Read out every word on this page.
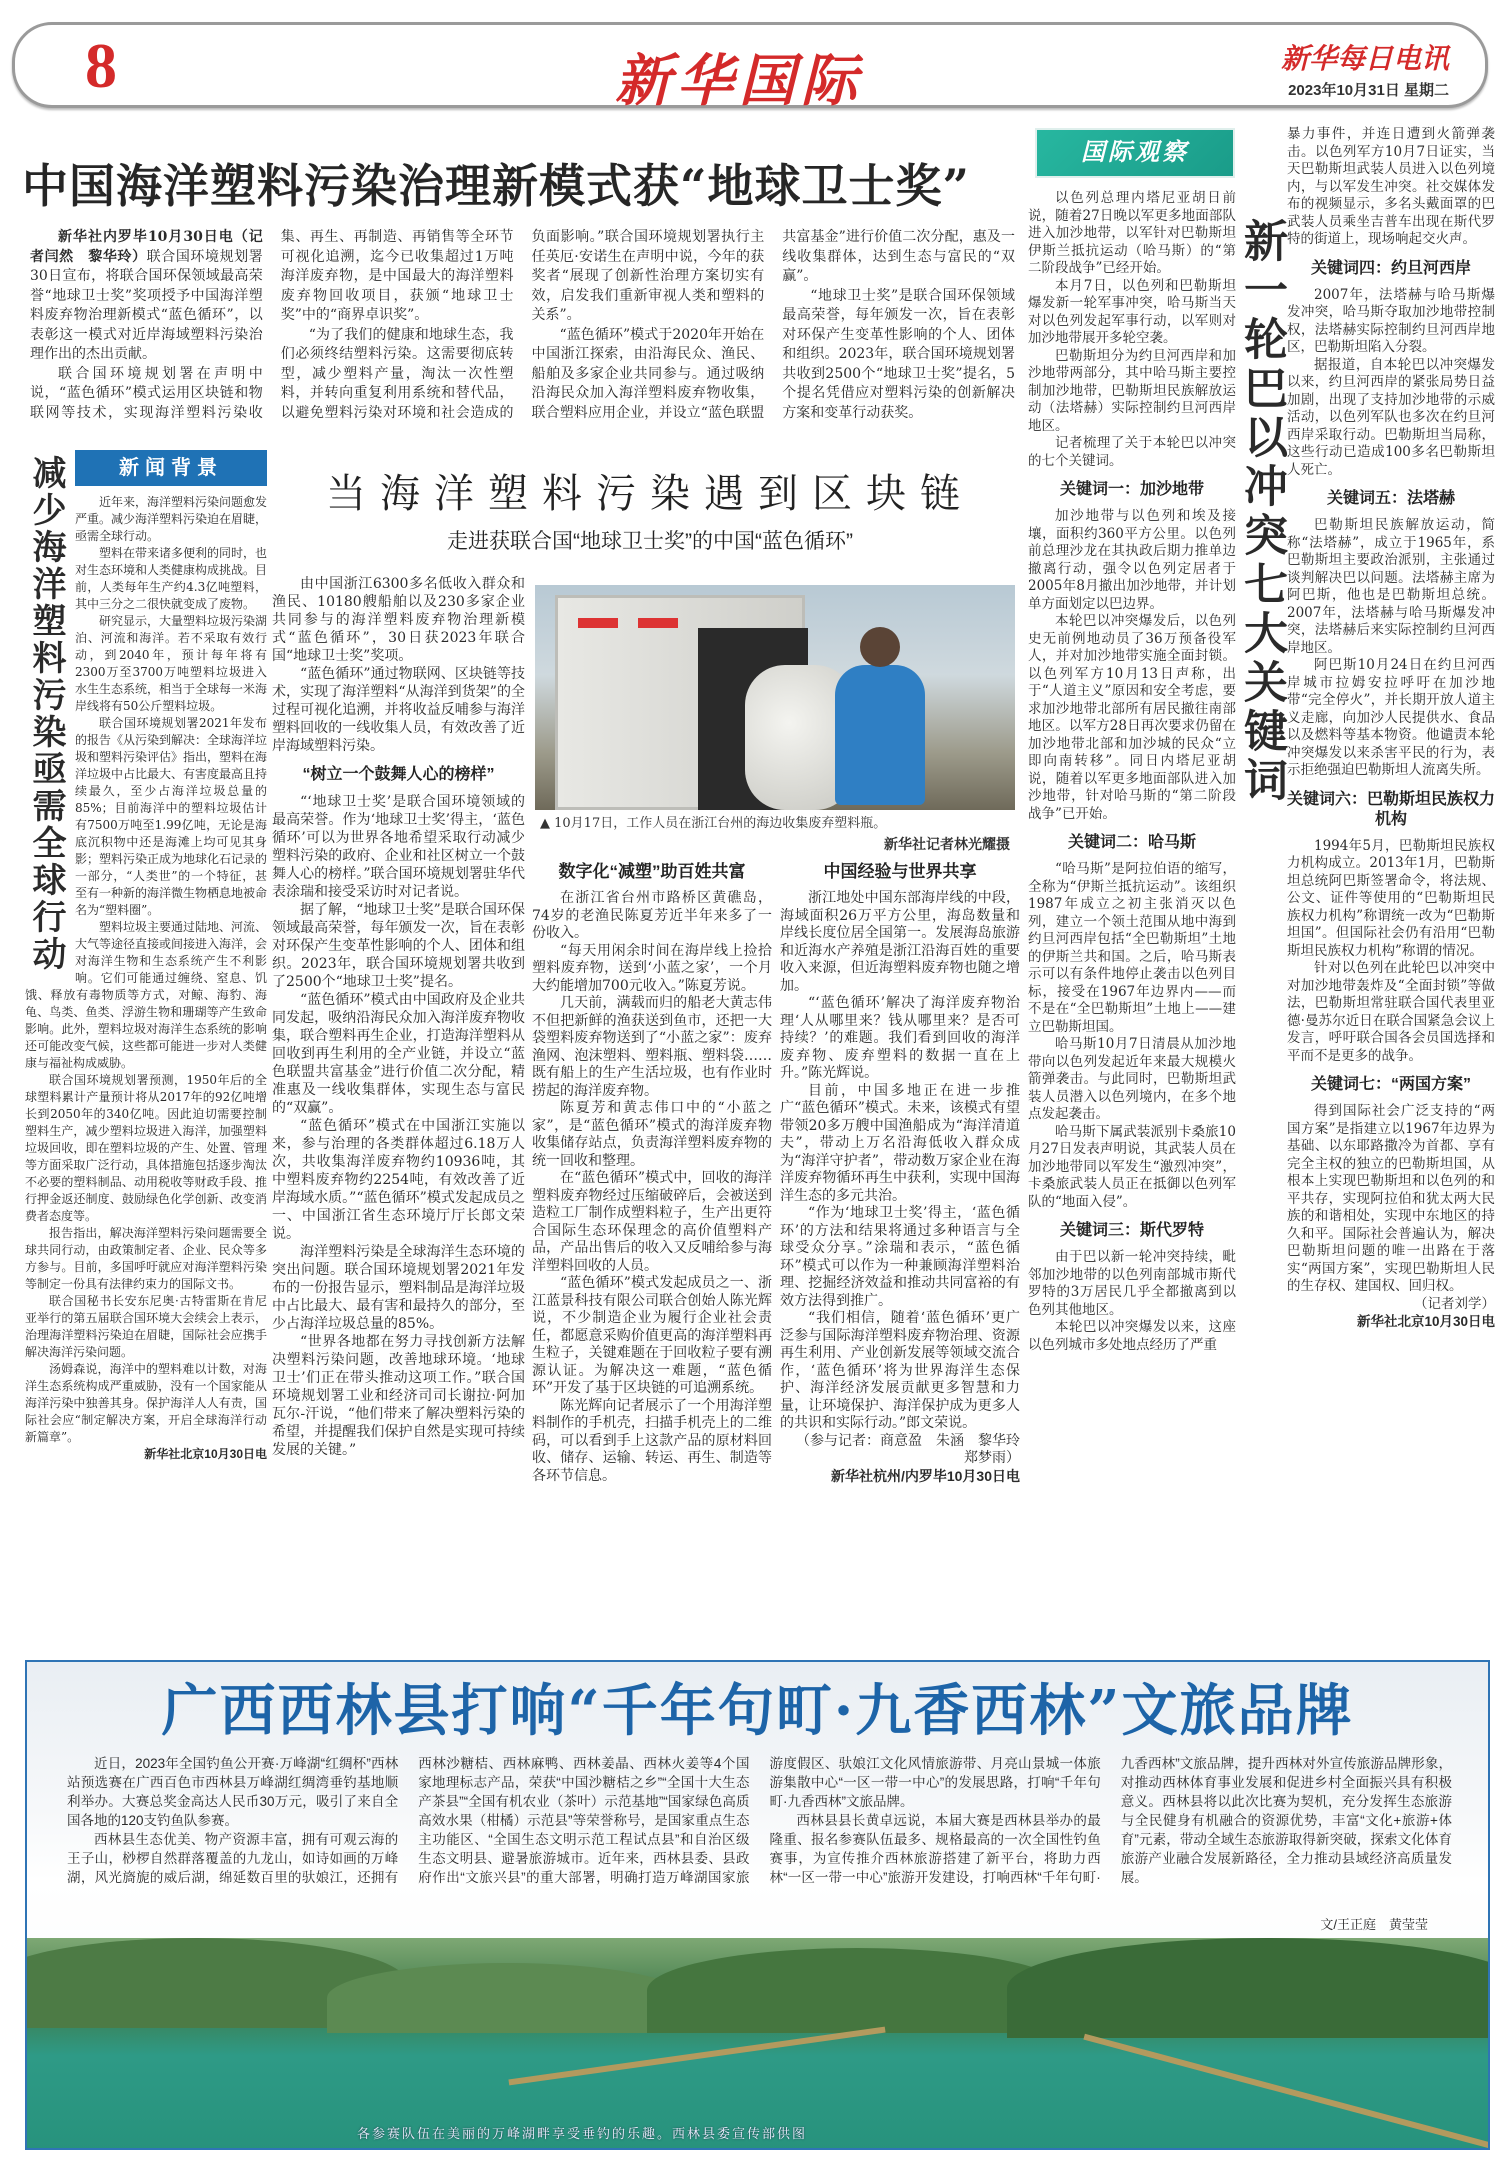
8	新华国际	新华每日电讯
2023年10月31日 星期二
中国海洋塑料污染治理新模式获“地球卫士奖”

新华社内罗毕10月30日电（记者闫然　黎华玲）联合国环境规划署30日宣布，将联合国环保领域最高荣誉“地球卫士奖”奖项授予中国海洋塑料废弃物治理新模式“蓝色循环”，以表彰这一模式对近岸海域塑料污染治理作出的杰出贡献。

联合国环境规划署在声明中说，“蓝色循环”模式运用区块链和物联网等技术，实现海洋塑料污染收集、再生、再制造、再销售等全环节可视化追溯，迄今已收集超过1万吨海洋废弃物，是中国最大的海洋塑料废弃物回收项目，获颁“地球卫士奖”中的“商界卓识奖”。

“为了我们的健康和地球生态，我们必须终结塑料污染。这需要彻底转型，减少塑料产量，淘汰一次性塑料，并转向重复利用系统和替代品，以避免塑料污染对环境和社会造成的负面影响。”联合国环境规划署执行主任英厄·安诺生在声明中说，今年的获奖者“展现了创新性治理方案切实有效，启发我们重新审视人类和塑料的关系”。

“蓝色循环”模式于2020年开始在中国浙江探索，由沿海民众、渔民、船舶及多家企业共同参与。通过吸纳沿海民众加入海洋塑料废弃物收集，联合塑料应用企业，并设立“蓝色联盟共富基金”进行价值二次分配，惠及一线收集群体，达到生态与富民的“双赢”。

“地球卫士奖”是联合国环保领域最高荣誉，每年颁发一次，旨在表彰对环保产生变革性影响的个人、团体和组织。2023年，联合国环境规划署共收到2500个“地球卫士奖”提名，5个提名凭借应对塑料污染的创新解决方案和变革行动获奖。

减少海洋塑料污染亟需全球行动	新闻背景

近年来，海洋塑料污染问题愈发严重。减少海洋塑料污染迫在眉睫，亟需全球行动。

塑料在带来诸多便利的同时，也对生态环境和人类健康构成挑战。目前，人类每年生产约4.3亿吨塑料，其中三分之二很快就变成了废物。

研究显示，大量塑料垃圾污染湖泊、河流和海洋。若不采取有效行动，到2040年，预计每年将有2300万至3700万吨塑料垃圾进入水生生态系统，相当于全球每一米海岸线将有50公斤塑料垃圾。

联合国环境规划署2021年发布的报告《从污染到解决：全球海洋垃圾和塑料污染评估》指出，塑料在海洋垃圾中占比最大、有害度最高且持续最久，至少占海洋垃圾总量的85%；目前海洋中的塑料垃圾估计有7500万吨至1.99亿吨，无论是海底沉积物中还是海滩上均可见其身影；塑料污染正成为地球化石记录的一部分，“人类世”的一个特征，甚至有一种新的海洋微生物栖息地被命名为“塑料圈”。

塑料垃圾主要通过陆地、河流、大气等途径直接或间接进入海洋，会对海洋生物和生态系统产生不利影响。它们可能通过缠绕、窒息、饥饿、释放有毒物质等方式，对鲸、海豹、海龟、鸟类、鱼类、浮游生物和珊瑚等产生致命影响。此外，塑料垃圾对海洋生态系统的影响还可能改变气候，这些都可能进一步对人类健康与福祉构成威胁。

联合国环境规划署预测，1950年后的全球塑料累计产量预计将从2017年的92亿吨增长到2050年的340亿吨。因此迫切需要控制塑料生产，减少塑料垃圾进入海洋，加强塑料垃圾回收，即在塑料垃圾的产生、处置、管理等方面采取广泛行动，具体措施包括逐步淘汰不必要的塑料制品、动用税收等财政手段、推行押金返还制度、鼓励绿色化学创新、改变消费者态度等。

报告指出，解决海洋塑料污染问题需要全球共同行动，由政策制定者、企业、民众等多方参与。目前，多国呼吁就应对海洋塑料污染等制定一份具有法律约束力的国际文书。

联合国秘书长安东尼奥·古特雷斯在肯尼亚举行的第五届联合国环境大会续会上表示，治理海洋塑料污染迫在眉睫，国际社会应携手解决海洋污染问题。

汤姆森说，海洋中的塑料难以计数，对海洋生态系统构成严重威胁，没有一个国家能从海洋污染中独善其身。保护海洋人人有责，国际社会应“制定解决方案，开启全球海洋行动新篇章”。

新华社北京10月30日电

当海洋塑料污染遇到区块链
走进获联合国“地球卫士奖”的中国“蓝色循环”

由中国浙江6300多名低收入群众和渔民、10180艘船舶以及230多家企业共同参与的海洋塑料废弃物治理新模式“蓝色循环”，30日获2023年联合国“地球卫士奖”奖项。

“蓝色循环”通过物联网、区块链等技术，实现了海洋塑料“从海洋到货架”的全过程可视化追溯，并将收益反哺参与海洋塑料回收的一线收集人员，有效改善了近岸海域塑料污染。

“树立一个鼓舞人心的榜样”

“‘地球卫士奖’是联合国环境领域的最高荣誉。作为‘地球卫士奖’得主，‘蓝色循环’可以为世界各地希望采取行动减少塑料污染的政府、企业和社区树立一个鼓舞人心的榜样。”联合国环境规划署驻华代表涂瑞和接受采访时对记者说。

据了解，“地球卫士奖”是联合国环保领域最高荣誉，每年颁发一次，旨在表彰对环保产生变革性影响的个人、团体和组织。2023年，联合国环境规划署共收到了2500个“地球卫士奖”提名。

“蓝色循环”模式由中国政府及企业共同发起，吸纳沿海民众加入海洋废弃物收集，联合塑料再生企业，打造海洋塑料从回收到再生利用的全产业链，并设立“蓝色联盟共富基金”进行价值二次分配，精准惠及一线收集群体，实现生态与富民的“双赢”。

“蓝色循环”模式在中国浙江实施以来，参与治理的各类群体超过6.18万人次，共收集海洋废弃物约10936吨，其中塑料废弃物约2254吨，有效改善了近岸海域水质。”“蓝色循环”模式发起成员之一、中国浙江省生态环境厅厅长郎文荣说。

海洋塑料污染是全球海洋生态环境的突出问题。联合国环境规划署2021年发布的一份报告显示，塑料制品是海洋垃圾中占比最大、最有害和最持久的部分，至少占海洋垃圾总量的85%。

“世界各地都在努力寻找创新方法解决塑料污染问题，改善地球环境。‘地球卫士’们正在带头推动这项工作。”联合国环境规划署工业和经济司司长谢拉·阿加瓦尔-汗说，“他们带来了解决塑料污染的希望，并提醒我们保护自然是实现可持续发展的关键。”

▲ 10月17日，工作人员在浙江台州的海边收集废弃塑料瓶。
新华社记者林光耀摄
数字化“减塑”助百姓共富

在浙江省台州市路桥区黄礁岛，74岁的老渔民陈夏芳近半年来多了一份收入。

“每天用闲余时间在海岸线上捡拾塑料废弃物，送到‘小蓝之家’，一个月大约能增加700元收入。”陈夏芳说。

几天前，满载而归的船老大黄志伟不但把新鲜的渔获送到鱼市，还把一大袋塑料废弃物送到了“小蓝之家”：废弃渔网、泡沫塑料、塑料瓶、塑料袋……既有船上的生产生活垃圾，也有作业时捞起的海洋废弃物。

陈夏芳和黄志伟口中的“小蓝之家”，是“蓝色循环”模式的海洋废弃物收集储存站点，负责海洋塑料废弃物的统一回收和整理。

在“蓝色循环”模式中，回收的海洋塑料废弃物经过压缩破碎后，会被送到造粒工厂制作成塑料粒子，生产出更符合国际生态环保理念的高价值塑料产品，产品出售后的收入又反哺给参与海洋塑料回收的人员。

“蓝色循环”模式发起成员之一、浙江蓝景科技有限公司联合创始人陈光辉说，不少制造企业为履行企业社会责任，都愿意采购价值更高的海洋塑料再生粒子，关键难题在于回收粒子要有溯源认证。为解决这一难题，“蓝色循环”开发了基于区块链的可追溯系统。

陈光辉向记者展示了一个用海洋塑料制作的手机壳，扫描手机壳上的二维码，可以看到手上这款产品的原材料回收、储存、运输、转运、再生、制造等各环节信息。

中国经验与世界共享

浙江地处中国东部海岸线的中段，海域面积26万平方公里，海岛数量和岸线长度位居全国第一。发展海岛旅游和近海水产养殖是浙江沿海百姓的重要收入来源，但近海塑料废弃物也随之增加。

“‘蓝色循环’解决了海洋废弃物治理‘人从哪里来？钱从哪里来？是否可持续？’的难题。我们看到回收的海洋废弃物、废弃塑料的数据一直在上升。”陈光辉说。

目前，中国多地正在进一步推广“蓝色循环”模式。未来，该模式有望带领20多万艘中国渔船成为“海洋清道夫”，带动上万名沿海低收入群众成为“海洋守护者”，带动数万家企业在海洋废弃物循环再生中获利，实现中国海洋生态的多元共治。

“作为‘地球卫士奖’得主，‘蓝色循环’的方法和结果将通过多种语言与全球受众分享。”涂瑞和表示，“蓝色循环”模式可以作为一种兼顾海洋塑料治理、挖掘经济效益和推动共同富裕的有效方法得到推广。

“我们相信，随着‘蓝色循环’更广泛参与国际海洋塑料废弃物治理、资源再生利用、产业创新发展等领域交流合作，‘蓝色循环’将为世界海洋生态保护、海洋经济发展贡献更多智慧和力量，让环境保护、海洋保护成为更多人的共识和实际行动。”郎文荣说。

（参与记者：商意盈　朱涵　黎华玲　郑梦雨）

新华社杭州/内罗毕10月30日电

国际观察
新一轮巴以冲突七大关键词

以色列总理内塔尼亚胡日前说，随着27日晚以军更多地面部队进入加沙地带，以军针对巴勒斯坦伊斯兰抵抗运动（哈马斯）的“第二阶段战争”已经开始。

本月7日，以色列和巴勒斯坦爆发新一轮军事冲突，哈马斯当天对以色列发起军事行动，以军则对加沙地带展开多轮空袭。

巴勒斯坦分为约旦河西岸和加沙地带两部分，其中哈马斯主要控制加沙地带，巴勒斯坦民族解放运动（法塔赫）实际控制约旦河西岸地区。

记者梳理了关于本轮巴以冲突的七个关键词。

关键词一：加沙地带

加沙地带与以色列和埃及接壤，面积约360平方公里。以色列前总理沙龙在其执政后期力推单边撤离行动，强令以色列定居者于2005年8月撤出加沙地带，并计划单方面划定以巴边界。

本轮巴以冲突爆发后，以色列史无前例地动员了36万预备役军人，并对加沙地带实施全面封锁。以色列军方10月13日声称，出于“人道主义”原因和安全考虑，要求加沙地带北部所有居民撤往南部地区。以军方28日再次要求仍留在加沙地带北部和加沙城的民众“立即向南转移”。同日内塔尼亚胡说，随着以军更多地面部队进入加沙地带，针对哈马斯的“第二阶段战争”已开始。

关键词二：哈马斯

“哈马斯”是阿拉伯语的缩写，全称为“伊斯兰抵抗运动”。该组织1987年成立之初主张消灭以色列，建立一个领土范围从地中海到约旦河西岸包括“全巴勒斯坦”土地的伊斯兰共和国。之后，哈马斯表示可以有条件地停止袭击以色列目标，接受在1967年边界内——而不是在“全巴勒斯坦”土地上——建立巴勒斯坦国。

哈马斯10月7日清晨从加沙地带向以色列发起近年来最大规模火箭弹袭击。与此同时，巴勒斯坦武装人员潜入以色列境内，在多个地点发起袭击。

哈马斯下属武装派别卡桑旅10月27日发表声明说，其武装人员在加沙地带同以军发生“激烈冲突”，卡桑旅武装人员正在抵御以色列军队的“地面入侵”。

关键词三：斯代罗特

由于巴以新一轮冲突持续，毗邻加沙地带的以色列南部城市斯代罗特的3万居民几乎全都撤离到以色列其他地区。

本轮巴以冲突爆发以来，这座以色列城市多处地点经历了严重

暴力事件，并连日遭到火箭弹袭击。以色列军方10月7日证实，当天巴勒斯坦武装人员进入以色列境内，与以军发生冲突。社交媒体发布的视频显示，多名头戴面罩的巴武装人员乘坐吉普车出现在斯代罗特的街道上，现场响起交火声。

关键词四：约旦河西岸

2007年，法塔赫与哈马斯爆发冲突，哈马斯夺取加沙地带控制权，法塔赫实际控制约旦河西岸地区，巴勒斯坦陷入分裂。

据报道，自本轮巴以冲突爆发以来，约旦河西岸的紧张局势日益加剧，出现了支持加沙地带的示威活动，以色列军队也多次在约旦河西岸采取行动。巴勒斯坦当局称，这些行动已造成100多名巴勒斯坦人死亡。

关键词五：法塔赫

巴勒斯坦民族解放运动，简称“法塔赫”，成立于1965年，系巴勒斯坦主要政治派别，主张通过谈判解决巴以问题。法塔赫主席为阿巴斯，他也是巴勒斯坦总统。2007年，法塔赫与哈马斯爆发冲突，法塔赫后来实际控制约旦河西岸地区。

阿巴斯10月24日在约旦河西岸城市拉姆安拉呼吁在加沙地带“完全停火”，并长期开放人道主义走廊，向加沙人民提供水、食品以及燃料等基本物资。他谴责本轮冲突爆发以来杀害平民的行为，表示拒绝强迫巴勒斯坦人流离失所。

关键词六：巴勒斯坦民族权力机构

1994年5月，巴勒斯坦民族权力机构成立。2013年1月，巴勒斯坦总统阿巴斯签署命令，将法规、公文、证件等使用的“巴勒斯坦民族权力机构”称谓统一改为“巴勒斯坦国”。但国际社会仍有沿用“巴勒斯坦民族权力机构”称谓的情况。

针对以色列在此轮巴以冲突中对加沙地带轰炸及“全面封锁”等做法，巴勒斯坦常驻联合国代表里亚德·曼苏尔近日在联合国紧急会议上发言，呼吁联合国各会员国选择和平而不是更多的战争。

关键词七：“两国方案”

得到国际社会广泛支持的“两国方案”是指建立以1967年边界为基础、以东耶路撒冷为首都、享有完全主权的独立的巴勒斯坦国，从根本上实现巴勒斯坦和以色列的和平共存，实现阿拉伯和犹太两大民族的和谐相处，实现中东地区的持久和平。国际社会普遍认为，解决巴勒斯坦问题的唯一出路在于落实“两国方案”，实现巴勒斯坦人民的生存权、建国权、回归权。

（记者刘学）

新华社北京10月30日电

各参赛队伍在美丽的万峰湖畔享受垂钓的乐趣。西林县委宣传部供图
广西西林县打响“千年句町·九香西林”文旅品牌

近日，2023年全国钓鱼公开赛·万峰湖“红绸杯”西林站预选赛在广西百色市西林县万峰湖红绸湾垂钓基地顺利举办。大赛总奖金高达人民币30万元，吸引了来自全国各地的120支钓鱼队参赛。

西林县生态优美、物产资源丰富，拥有可观云海的王子山，桫椤自然群落覆盖的九龙山，如诗如画的万峰湖，风光旖旎的威后湖，绵延数百里的驮娘江，还拥有西林沙糖桔、西林麻鸭、西林姜晶、西林火姜等4个国家地理标志产品，荣获“中国沙糖桔之乡”“全国十大生态产茶县”“全国有机农业（茶叶）示范基地”“国家绿色高质高效水果（柑橘）示范县”等荣誉称号，是国家重点生态主功能区、“全国生态文明示范工程试点县”和自治区级生态文明县、避暑旅游城市。近年来，西林县委、县政府作出“文旅兴县”的重大部署，明确打造万峰湖国家旅游度假区、驮娘江文化风情旅游带、月亮山景城一体旅游集散中心“一区一带一中心”的发展思路，打响“千年句町·九香西林”文旅品牌。

西林县县长黄卓远说，本届大赛是西林县举办的最隆重、报名参赛队伍最多、规格最高的一次全国性钓鱼赛事，为宣传推介西林旅游搭建了新平台，将助力西林“一区一带一中心”旅游开发建设，打响西林“千年句町·九香西林”文旅品牌，提升西林对外宣传旅游品牌形象，对推动西林体育事业发展和促进乡村全面振兴具有积极意义。西林县将以此次比赛为契机，充分发挥生态旅游与全民健身有机融合的资源优势，丰富“文化+旅游+体育”元素，带动全域生态旅游取得新突破，探索文化体育旅游产业融合发展新路径，全力推动县域经济高质量发展。

文/王正庭　黄莹莹
